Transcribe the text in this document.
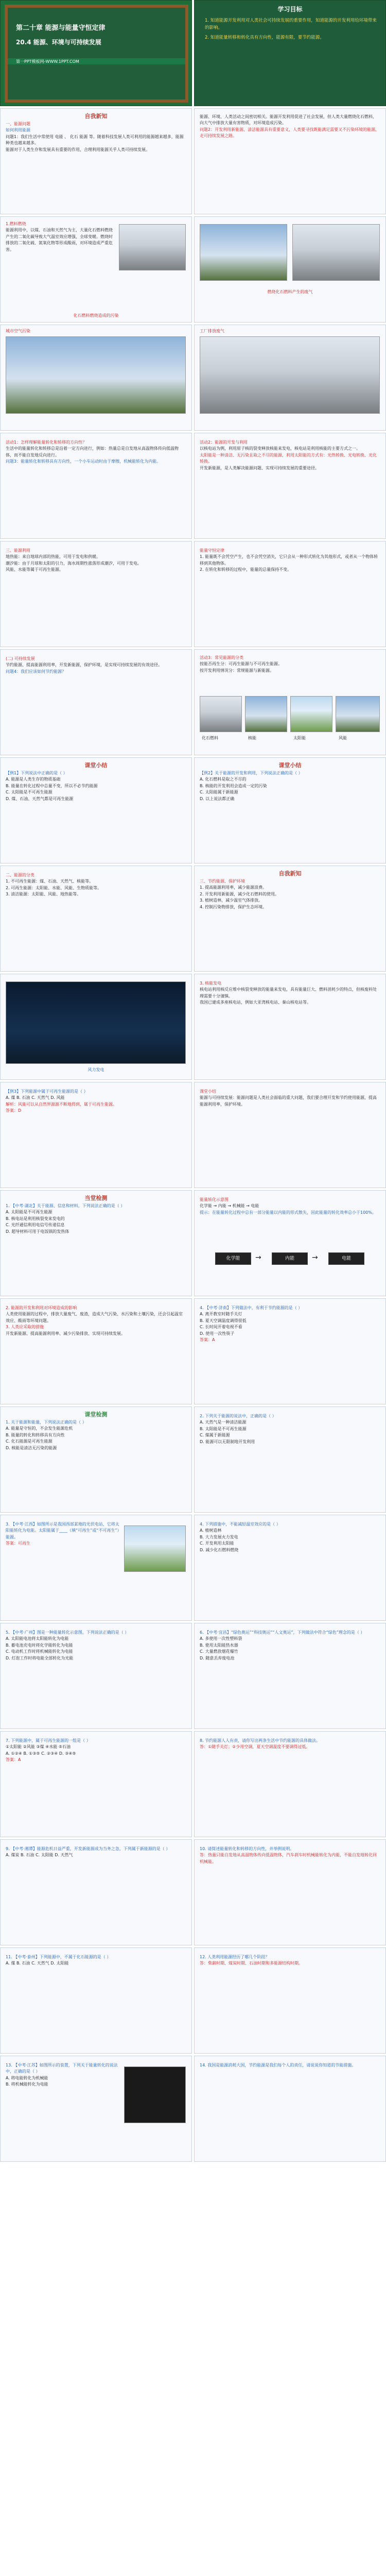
第二十章 能源与能量守恒定律
20.4 能源、环境与可持续发展
第一PPT模板网-WWW.1PPT.COM
学习目标
1. 知道能源开发利用对人类社会可持续发展的重要作用，知道能源的开发利用给环境带来的影响。
2. 知道能量转移和转化具有方向性，能源有限，要节约能源。
自我新知
一、能源问题
如何利用能源
问题1：我们生活中常使用 电能 、 化石 能源 等。随着科技发展人类可利用的能源越来越多，能源种类也越来越多。
能源对于人类生存和发展具有重要的作用，合理利用能源关乎人类可持续发展。
能源、环境、人类活动之间密切相关。能源开发利用促进了社会发展，但人类大量燃烧化石燃料，向大气中排放大量有害物质，对环境造成污染。
问题2：开发利用新能源、清洁能源具有重要意义，人类要寻找既能满足需要又不污染环境的能源，走可持续发展之路。
1.燃料燃烧
能源利用中，以煤、石油和天然气为主，大量化石燃料燃烧产生的二氧化碳导致大气温室效应增强，全球变暖。燃烧时排放的二氧化硫、氮氧化物等形成酸雨，对环境造成严重危害。
化石燃料燃烧造成的污染
燃烧化石燃料产生的废气
城市空气污染	工厂排放废气
活动1：怎样理解能量转化和转移的方向性？
生活中的能量转化和转移总是沿着一定方向进行，例如：热量总是自发地从高温物体传向低温物体，而不能自发地反向进行。
问题3：能量转化和转移具有方向性，一个小车运动时由于摩擦，机械能转化为内能。
活动2：能源的开发与利用
以核电站为例，利用原子核的裂变释放核能来发电，核电站是利用核能的主要方式之一。
太阳能是一种清洁、无污染且取之不尽的能源，利用太阳能的方式有：光热转换、光电转换、光化转换。
开发新能源，是人类解决能源问题、实现可持续发展的重要途径。
三、能源利用
地热能：来自地球内部的热能，可用于发电和供暖。
潮汐能：由于月球和太阳的引力，海水周期性涨落形成潮汐，可用于发电。
风能、水能等属于可再生能源。
能量守恒定律
1. 能量既不会凭空产生，也不会凭空消失，它只会从一种形式转化为其他形式，或者从一个物体转移到其他物体。
2. 在转化和转移的过程中，能量的总量保持不变。
(二) 可持续发展
节约能源、提高能源利用率，开发新能源，保护环境，是实现可持续发展的有效途径。
问题4：我们应该如何节约能源？
活动3：常见能源的分类
按能否再生分：可再生能源与不可再生能源。
按开发利用情况分：常规能源与新能源。
化石燃料	核能	太阳能	风能
课堂小结
【例1】下列说法中正确的是（ ）
A. 能源是人类生存的物质基础
B. 能量在转化过程中总量不变，所以不必节约能源
C. 太阳能是不可再生能源
D. 煤、石油、天然气都是可再生能源
课堂小结
【例2】关于能源的开发和利用，下列说法正确的是（ ）
A. 化石燃料是取之不尽的
B. 核能的开发利用会造成一定的污染
C. 太阳能属于新能源
D. 以上说法都正确
二、能源的分类
1. 不可再生能源：煤、石油、天然气、核能等。
2. 可再生能源：太阳能、水能、风能、生物质能等。
3. 清洁能源：太阳能、风能、地热能等。
自我新知
三、节约能源、保护环境
1. 提高能源利用率，减少能源浪费。
2. 开发利用新能源，减少化石燃料的使用。
3. 植树造林，减少温室气体排放。
4. 控制污染物排放，保护生态环境。
风力发电
3. 核能发电
核电站利用核反应堆中核裂变释放的能量来发电，具有能量巨大、燃料消耗少的特点，但核废料处理需要十分谨慎。
我国已建成多座核电站，例如大亚湾核电站、秦山核电站等。
【例3】下列能源中属于可再生能源的是（ ）
A. 煤 B. 石油 C. 天然气 D. 风能
解析：风能可以从自然界源源不断地得到，属于可再生能源。
答案：D
课堂小结
能源与可持续发展：能源问题是人类社会面临的重大问题，我们要合理开发和节约使用能源，提高能源利用率，保护环境。
当堂检测
1. 【中考·湖北】关于能源、信息和材料，下列说法正确的是（ ）
A. 太阳能是不可再生能源
B. 核电站是利用核裂变来发电的
C. 光纤通信利用电信号传递信息
D. 超导材料可用于电饭锅的发热体
能量转化示意图
化学能 → 内能 → 机械能 → 电能
提示：在能量转化过程中总有一部分能量以内能的形式散失，因此能量的转化效率总小于100%。
化学能	内能	电能
→	→
2. 能源的开发和利用对环境造成的影响
人类使用能源的过程中，排放大量废气、废渣，造成大气污染、水污染和土壤污染，还会引起温室效应、酸雨等环境问题。
3. 人类应采取的措施
开发新能源、提高能源利用率、减少污染排放、实现可持续发展。
4. 【中考·济南】下列做法中，有利于节约能源的是（ ）
A. 离开教室时随手关灯
B. 夏天空调温度调得很低
C. 长时间开着电视不看
D. 使用一次性筷子
答案：A
课堂检测
1. 关于能源和能量，下列说法正确的是（ ）
A. 能量是守恒的，不会发生能源危机
B. 能量的转化和转移具有方向性
C. 化石能源是可再生能源
D. 核能是清洁无污染的能源
2. 下列关于能源的说法中，正确的是（ ）
A. 天然气是一种清洁能源
B. 太阳能是不可再生能源
C. 煤属于新能源
D. 能源可以无限制地开发利用
3. 【中考·江西】如图所示是我国西部某地的光伏电站，它将太阳能转化为电能。太阳能属于____（填“可再生”或“不可再生”）能源。
答案：可再生
4. 下列措施中，不能减轻温室效应的是（ ）
A. 植树造林
B. 大力发展火力发电
C. 开发利用太阳能
D. 减少化石燃料燃烧
5. 【中考·广州】图是一种能量转化示意图，下列说法正确的是（ ）
A. 太阳能电池将太阳能转化为电能
B. 蓄电池充电时将化学能转化为电能
C. 电动机工作时将机械能转化为电能
D. 灯泡工作时将电能全部转化为光能
6. 【中考·宜昌】“绿色奥运”“科技奥运”“人文奥运”，下列做法中符合“绿色”理念的是（ ）
A. 多使用一次性塑料袋
B. 使用太阳能热水器
C. 大量燃放烟花爆竹
D. 随意丢弃废电池
7. 下列能源中，属于可再生能源的一组是（ ）
①太阳能 ②风能 ③煤 ④水能 ⑤石油
A. ①②④ B. ①③⑤ C. ②③④ D. ③④⑤
答案：A
8. 节约能源人人有责，请你写出两条生活中节约能源的具体做法。
答：①随手关灯；②少用空调，夏天空调温度不要调得过低。
9. 【中考·湘潭】能源危机日益严重，开发新能源成为当务之急，下列属于新能源的是（ ）
A. 煤炭 B. 石油 C. 太阳能 D. 天然气
10. 请简述能量转化和转移的方向性，并举例说明。
答：热量只能自发地从高温物体传向低温物体，汽车刹车时机械能转化为内能，不能自发地转化回机械能。
11. 【中考·泰州】下列能源中，不属于化石能源的是（ ）
A. 煤 B. 石油 C. 天然气 D. 太阳能
12. 人类利用能源经历了哪几个阶段？
答：柴薪时期、煤炭时期、石油时期和多能源结构时期。
13. 【中考·江苏】如图所示的装置，下列关于能量转化的说法中，正确的是（ ）
A. 将电能转化为机械能
B. 将机械能转化为电能
14. 我国是能源消耗大国，节约能源是我们每个人的责任，请说说你知道的节能措施。
